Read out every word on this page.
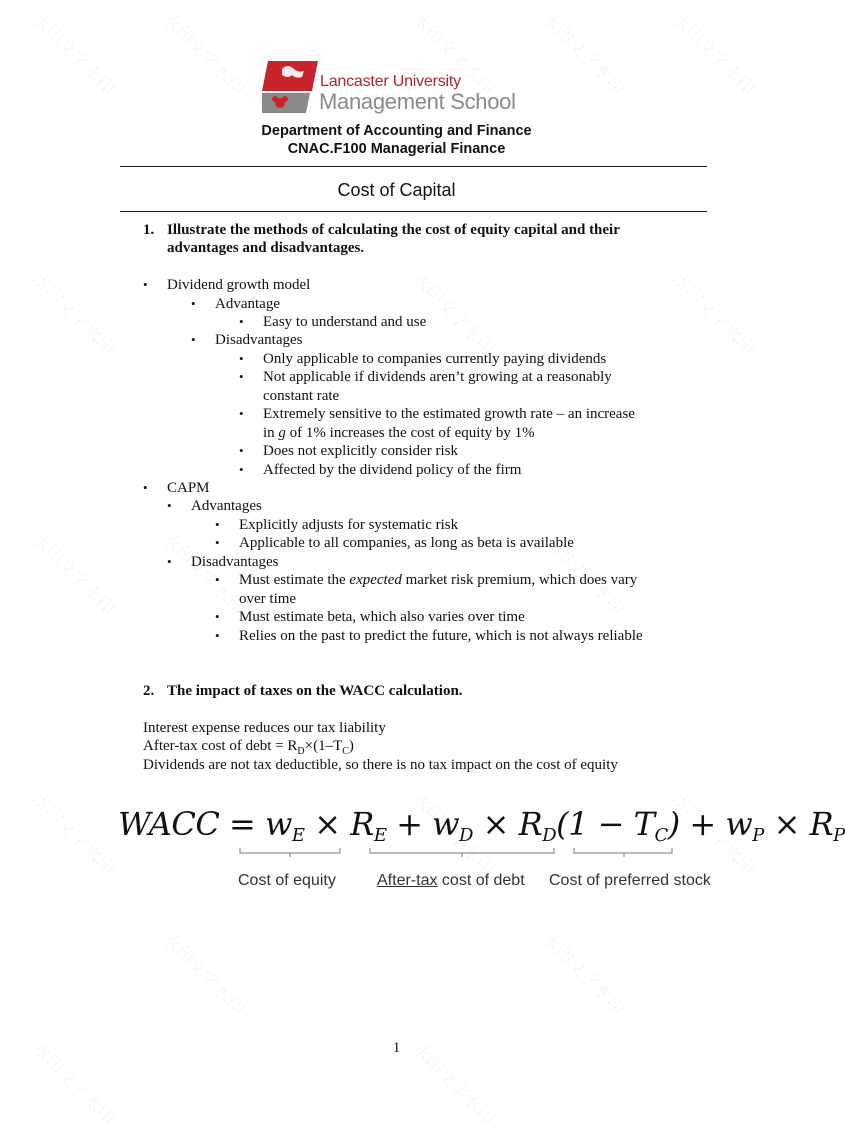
Lancaster University
Management School
Department of Accounting and Finance
CNAC.F100 Managerial Finance
Cost of Capital
1. Illustrate the methods of calculating the cost of equity capital and their
advantages and disadvantages.
• Dividend growth model
• Advantage
• Easy to understand and use
• Disadvantages
• Only applicable to companies currently paying dividends
• Not applicable if dividends aren’t growing at a reasonably
constant rate
• Extremely sensitive to the estimated growth rate – an increase
in g of 1% increases the cost of equity by 1%
• Does not explicitly consider risk
• Affected by the dividend policy of the firm
• CAPM
• Advantages
• Explicitly adjusts for systematic risk
• Applicable to all companies, as long as beta is available
• Disadvantages
• Must estimate the expected market risk premium, which does vary
over time
• Must estimate beta, which also varies over time
• Relies on the past to predict the future, which is not always reliable
2. The impact of taxes on the WACC calculation.
Interest expense reduces our tax liability
After-tax cost of debt = $R_D\times(1-T_C)$
Dividends are not tax deductible, so there is no tax impact on the cost of equity
WACC = $w_E \times R_E + w_D \times R_D(1 - T_C) + w_P \times R_P$
Cost of equity	After-tax cost of debt Cost of preferred stock
1
